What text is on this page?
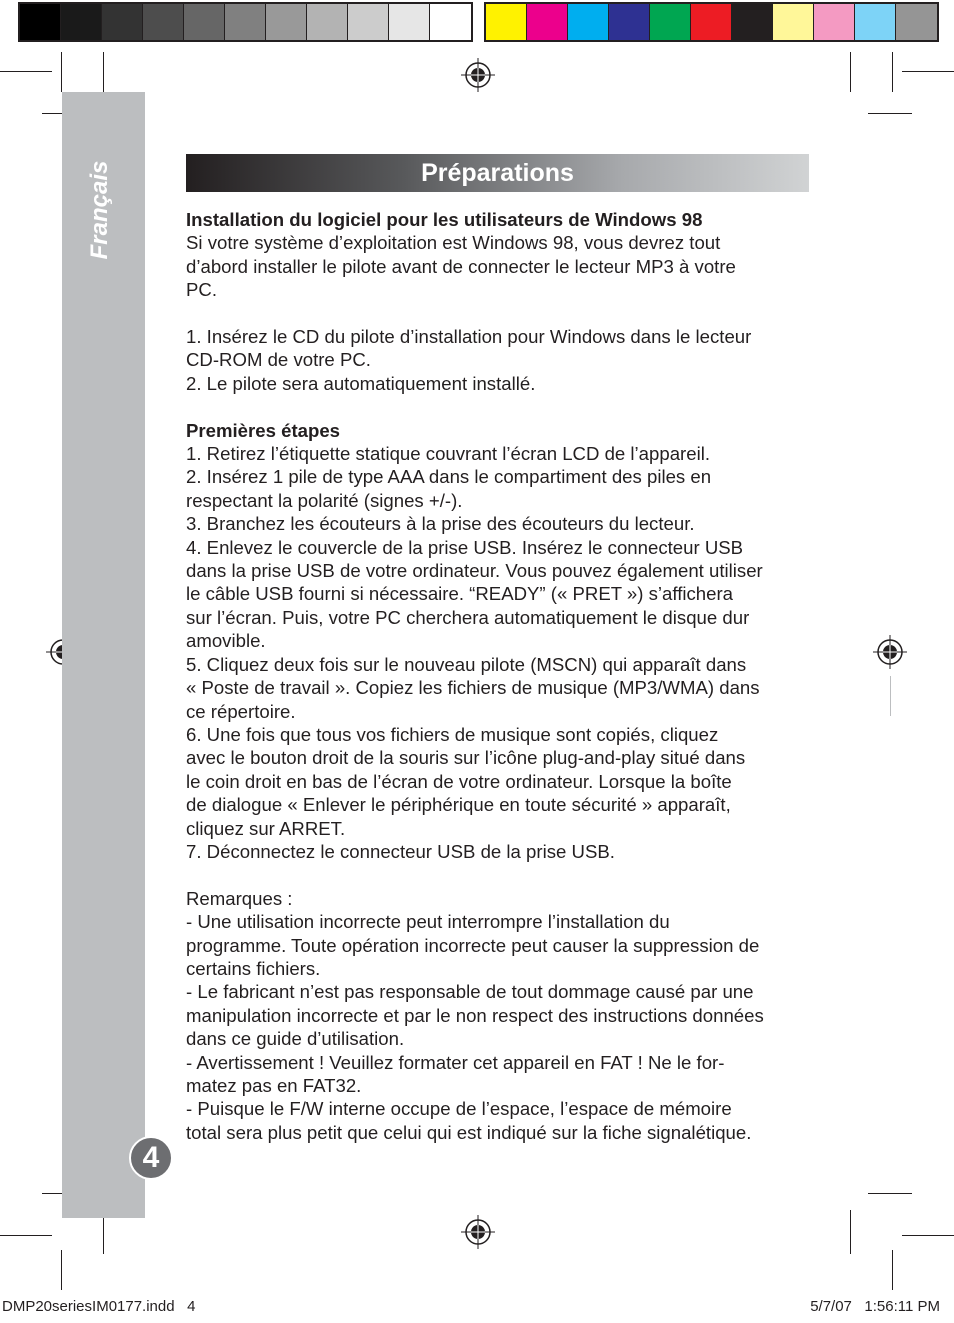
Français
4
Préparations

Installation du logiciel pour les utilisateurs de Windows 98

Si votre système d’exploitation est Windows 98, vous devrez tout

d’abord installer le pilote avant de connecter le lecteur MP3 à votre

PC.

1. Insérez le CD du pilote d’installation pour Windows dans le lecteur

CD-ROM de votre PC.

2. Le pilote sera automatiquement installé.

Premières étapes

1. Retirez l’étiquette statique couvrant l’écran LCD de l’appareil.

2. Insérez 1 pile de type AAA dans le compartiment des piles en

respectant la polarité (signes +/-).

3. Branchez les écouteurs à la prise des écouteurs du lecteur.

4. Enlevez le couvercle de la prise USB. Insérez le connecteur USB

dans la prise USB de votre ordinateur. Vous pouvez également utiliser

le câble USB fourni si nécessaire. “READY” (« PRET ») s’affichera

sur l’écran. Puis, votre PC cherchera automatiquement le disque dur

amovible.

5. Cliquez deux fois sur le nouveau pilote (MSCN) qui apparaît dans

« Poste de travail ». Copiez les fichiers de musique (MP3/WMA) dans

ce répertoire.

6. Une fois que tous vos fichiers de musique sont copiés, cliquez

avec le bouton droit de la souris sur l’icône plug-and-play situé dans

le coin droit en bas de l’écran de votre ordinateur. Lorsque la boîte

de dialogue « Enlever le périphérique en toute sécurité » apparaît,

cliquez sur ARRET.

7. Déconnectez le connecteur USB de la prise USB.

Remarques :

- Une utilisation incorrecte peut interrompre l’installation du

programme. Toute opération incorrecte peut causer la suppression de

certains fichiers.

- Le fabricant n’est pas responsable de tout dommage causé par une

manipulation incorrecte et par le non respect des instructions données

dans ce guide d’utilisation.

- Avertissement ! Veuillez formater cet appareil en FAT ! Ne le for-

matez pas en FAT32.

- Puisque le F/W interne occupe de l’espace, l’espace de mémoire

total sera plus petit que celui qui est indiqué sur la fiche signalétique.

DMP20seriesIM0177.indd   4	5/7/07   1:56:11 PM
